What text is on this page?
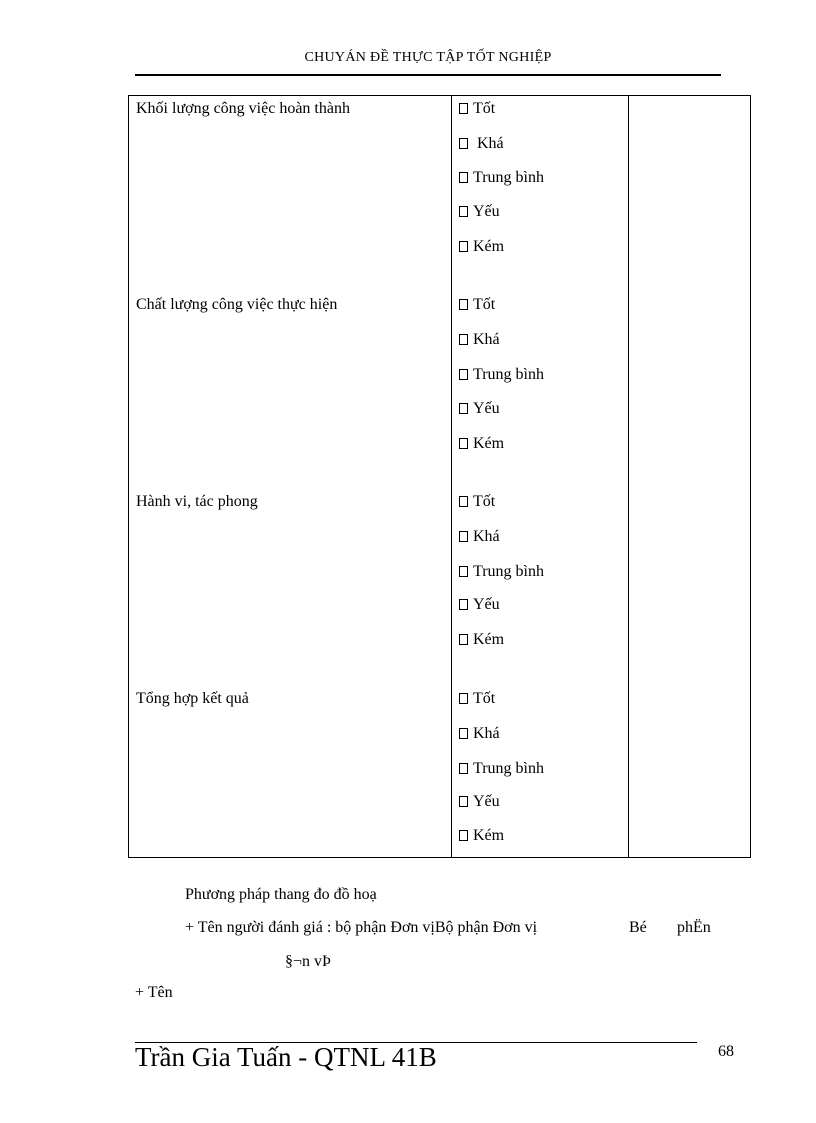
CHUYÁN ĐỀ THỰC TẬP TỐT NGHIỆP
Khối lượng công việc hoàn thành	Tốt
Khá
Trung bình
Yếu
Kém
Chất lượng công việc thực hiện	Tốt
Khá
Trung bình
Yếu
Kém
Hành vi, tác phong	Tốt
Khá
Trung bình
Yếu
Kém
Tổng hợp kết quả	Tốt
Khá
Trung bình
Yếu
Kém
Phương pháp thang đo đồ hoạ
+ Tên người đánh giá : bộ phận Đơn vịBộ phận Đơn vị	Bé phËn
§¬n vÞ
+ Tên
Trần Gia Tuấn - QTNL 41B	68
